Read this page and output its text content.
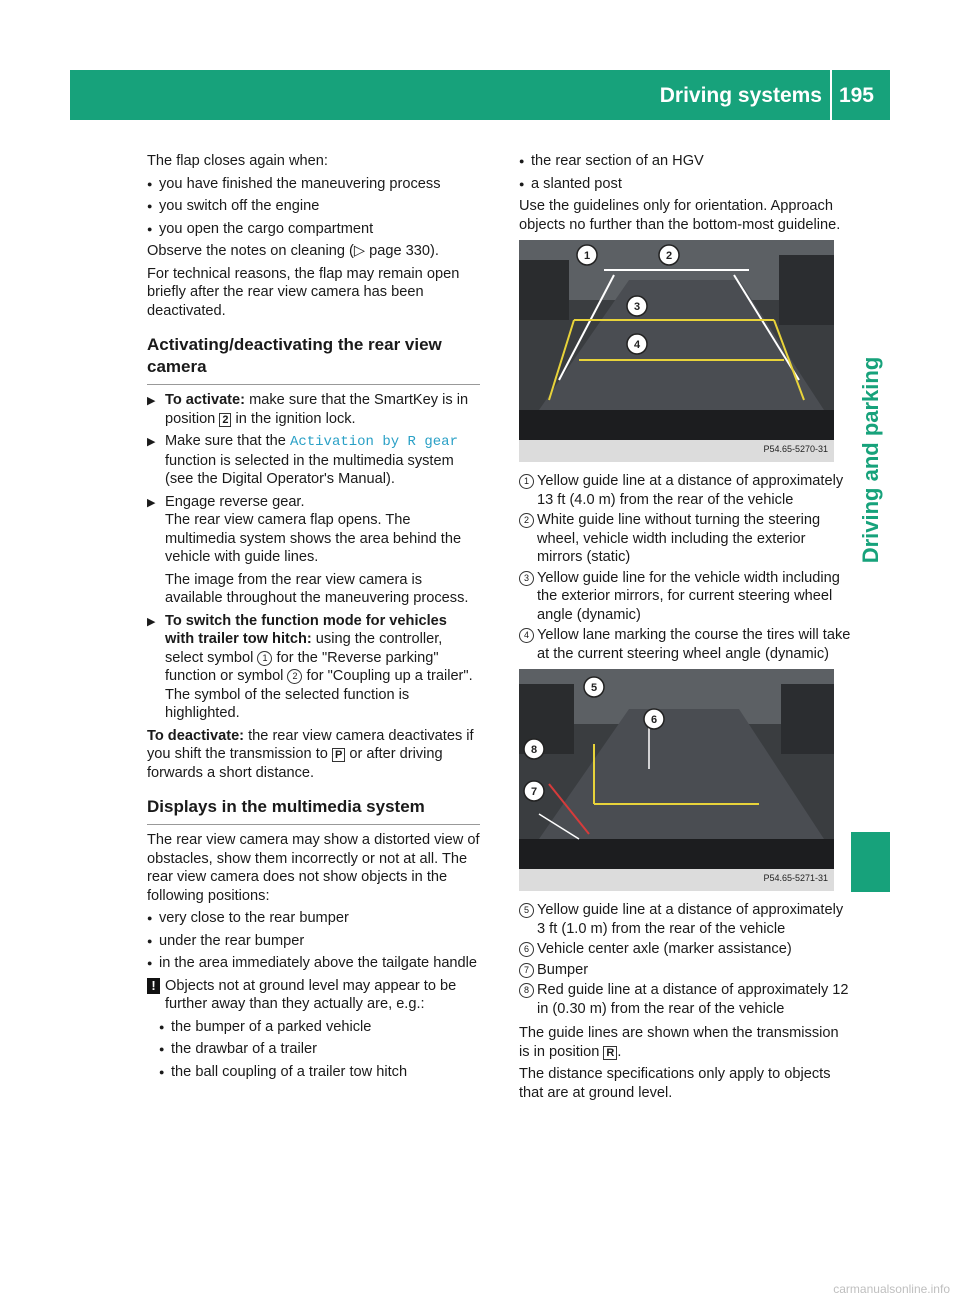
Driving systems 195
Driving and parking

The flap closes again when:

● you have finished the maneuvering process
● you switch off the engine
● you open the cargo compartment

Observe the notes on cleaning (▷ page 330).

For technical reasons, the flap may remain open briefly after the rear view camera has been deactivated.

Activating/deactivating the rear view camera
▶ To activate: make sure that the SmartKey is in position 2 in the ignition lock.
▶ Make sure that the Activation by R gear function is selected in the multimedia system (see the Digital Operator's Manual).
▶ Engage reverse gear.
The rear view camera flap opens. The multimedia system shows the area behind the vehicle with guide lines.

The image from the rear view camera is available throughout the maneuvering process.

▶ To switch the function mode for vehicles with trailer tow hitch: using the controller, select symbol 1 for the "Reverse parking" function or symbol 2 for "Coupling up a trailer".
The symbol of the selected function is highlighted.

To deactivate: the rear view camera deactivates if you shift the transmission to P or after driving forwards a short distance.

Displays in the multimedia system

The rear view camera may show a distorted view of obstacles, show them incorrectly or not at all. The rear view camera does not show objects in the following positions:

● very close to the rear bumper
● under the rear bumper
● in the area immediately above the tailgate handle
! Objects not at ground level may appear to be further away than they actually are, e.g.:
● the bumper of a parked vehicle
● the drawbar of a trailer
● the ball coupling of a trailer tow hitch
● the rear section of an HGV
● a slanted post

Use the guidelines only for orientation. Approach objects no further than the bottom-most guideline.

1	2
3
4
P54.65-5270-31
1 Yellow guide line at a distance of approximately 13 ft (4.0 m) from the rear of the vehicle
2 White guide line without turning the steering wheel, vehicle width including the exterior mirrors (static)
3 Yellow guide line for the vehicle width including the exterior mirrors, for current steering wheel angle (dynamic)
4 Yellow lane marking the course the tires will take at the current steering wheel angle (dynamic)
5
6
8
7
P54.65-5271-31
5 Yellow guide line at a distance of approximately 3 ft (1.0 m) from the rear of the vehicle
6 Vehicle center axle (marker assistance)
7 Bumper
8 Red guide line at a distance of approximately 12 in (0.30 m) from the rear of the vehicle

The guide lines are shown when the transmission is in position R .

The distance specifications only apply to objects that are at ground level.

carmanualsonline.info
